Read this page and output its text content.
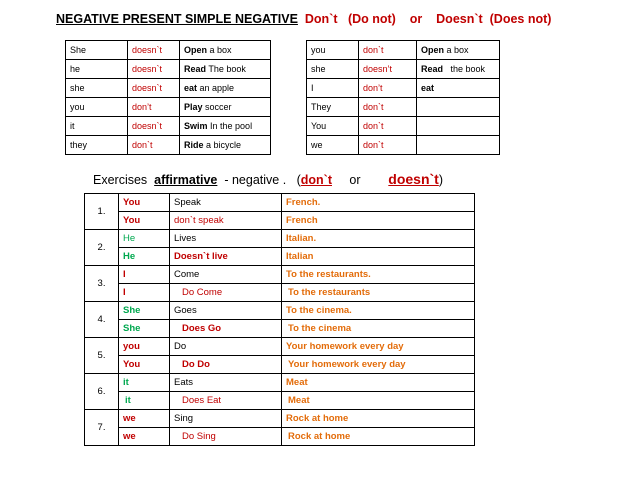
NEGATIVE PRESENT SIMPLE NEGATIVE Don`t (Do not) or Doesn`t (Does not)
She	doesn`t	Open a box
he	doesn`t	Read The book
she	doesn`t	eat an apple
you	don’t	Play soccer
it	doesn`t	Swim In the pool
they	don`t	Ride a bicycle
you	don`t	Open a box
she	doesn’t	Read the book
I	don’t	eat
They	don`t	
You	don`t	
we	don`t	
Exercises affirmative - negative . (don`t or doesn`t)
1.	You	Speak	French.
	You	don`t speak	French
2.	He	Lives	Italian.
	He	Doesn`t live	Italian
3.	I	Come	To the restaurants.
	I	Do Come	To the restaurants
4.	She	Goes	To the cinema.
	She	Does Go	To the cinema
5.	you	Do	Your homework every day
	You	Do Do	Your homework every day
6.	it	Eats	Meat
	it	Does Eat	Meat
7.	we	Sing	Rock at home
	we	Do Sing	Rock at home
